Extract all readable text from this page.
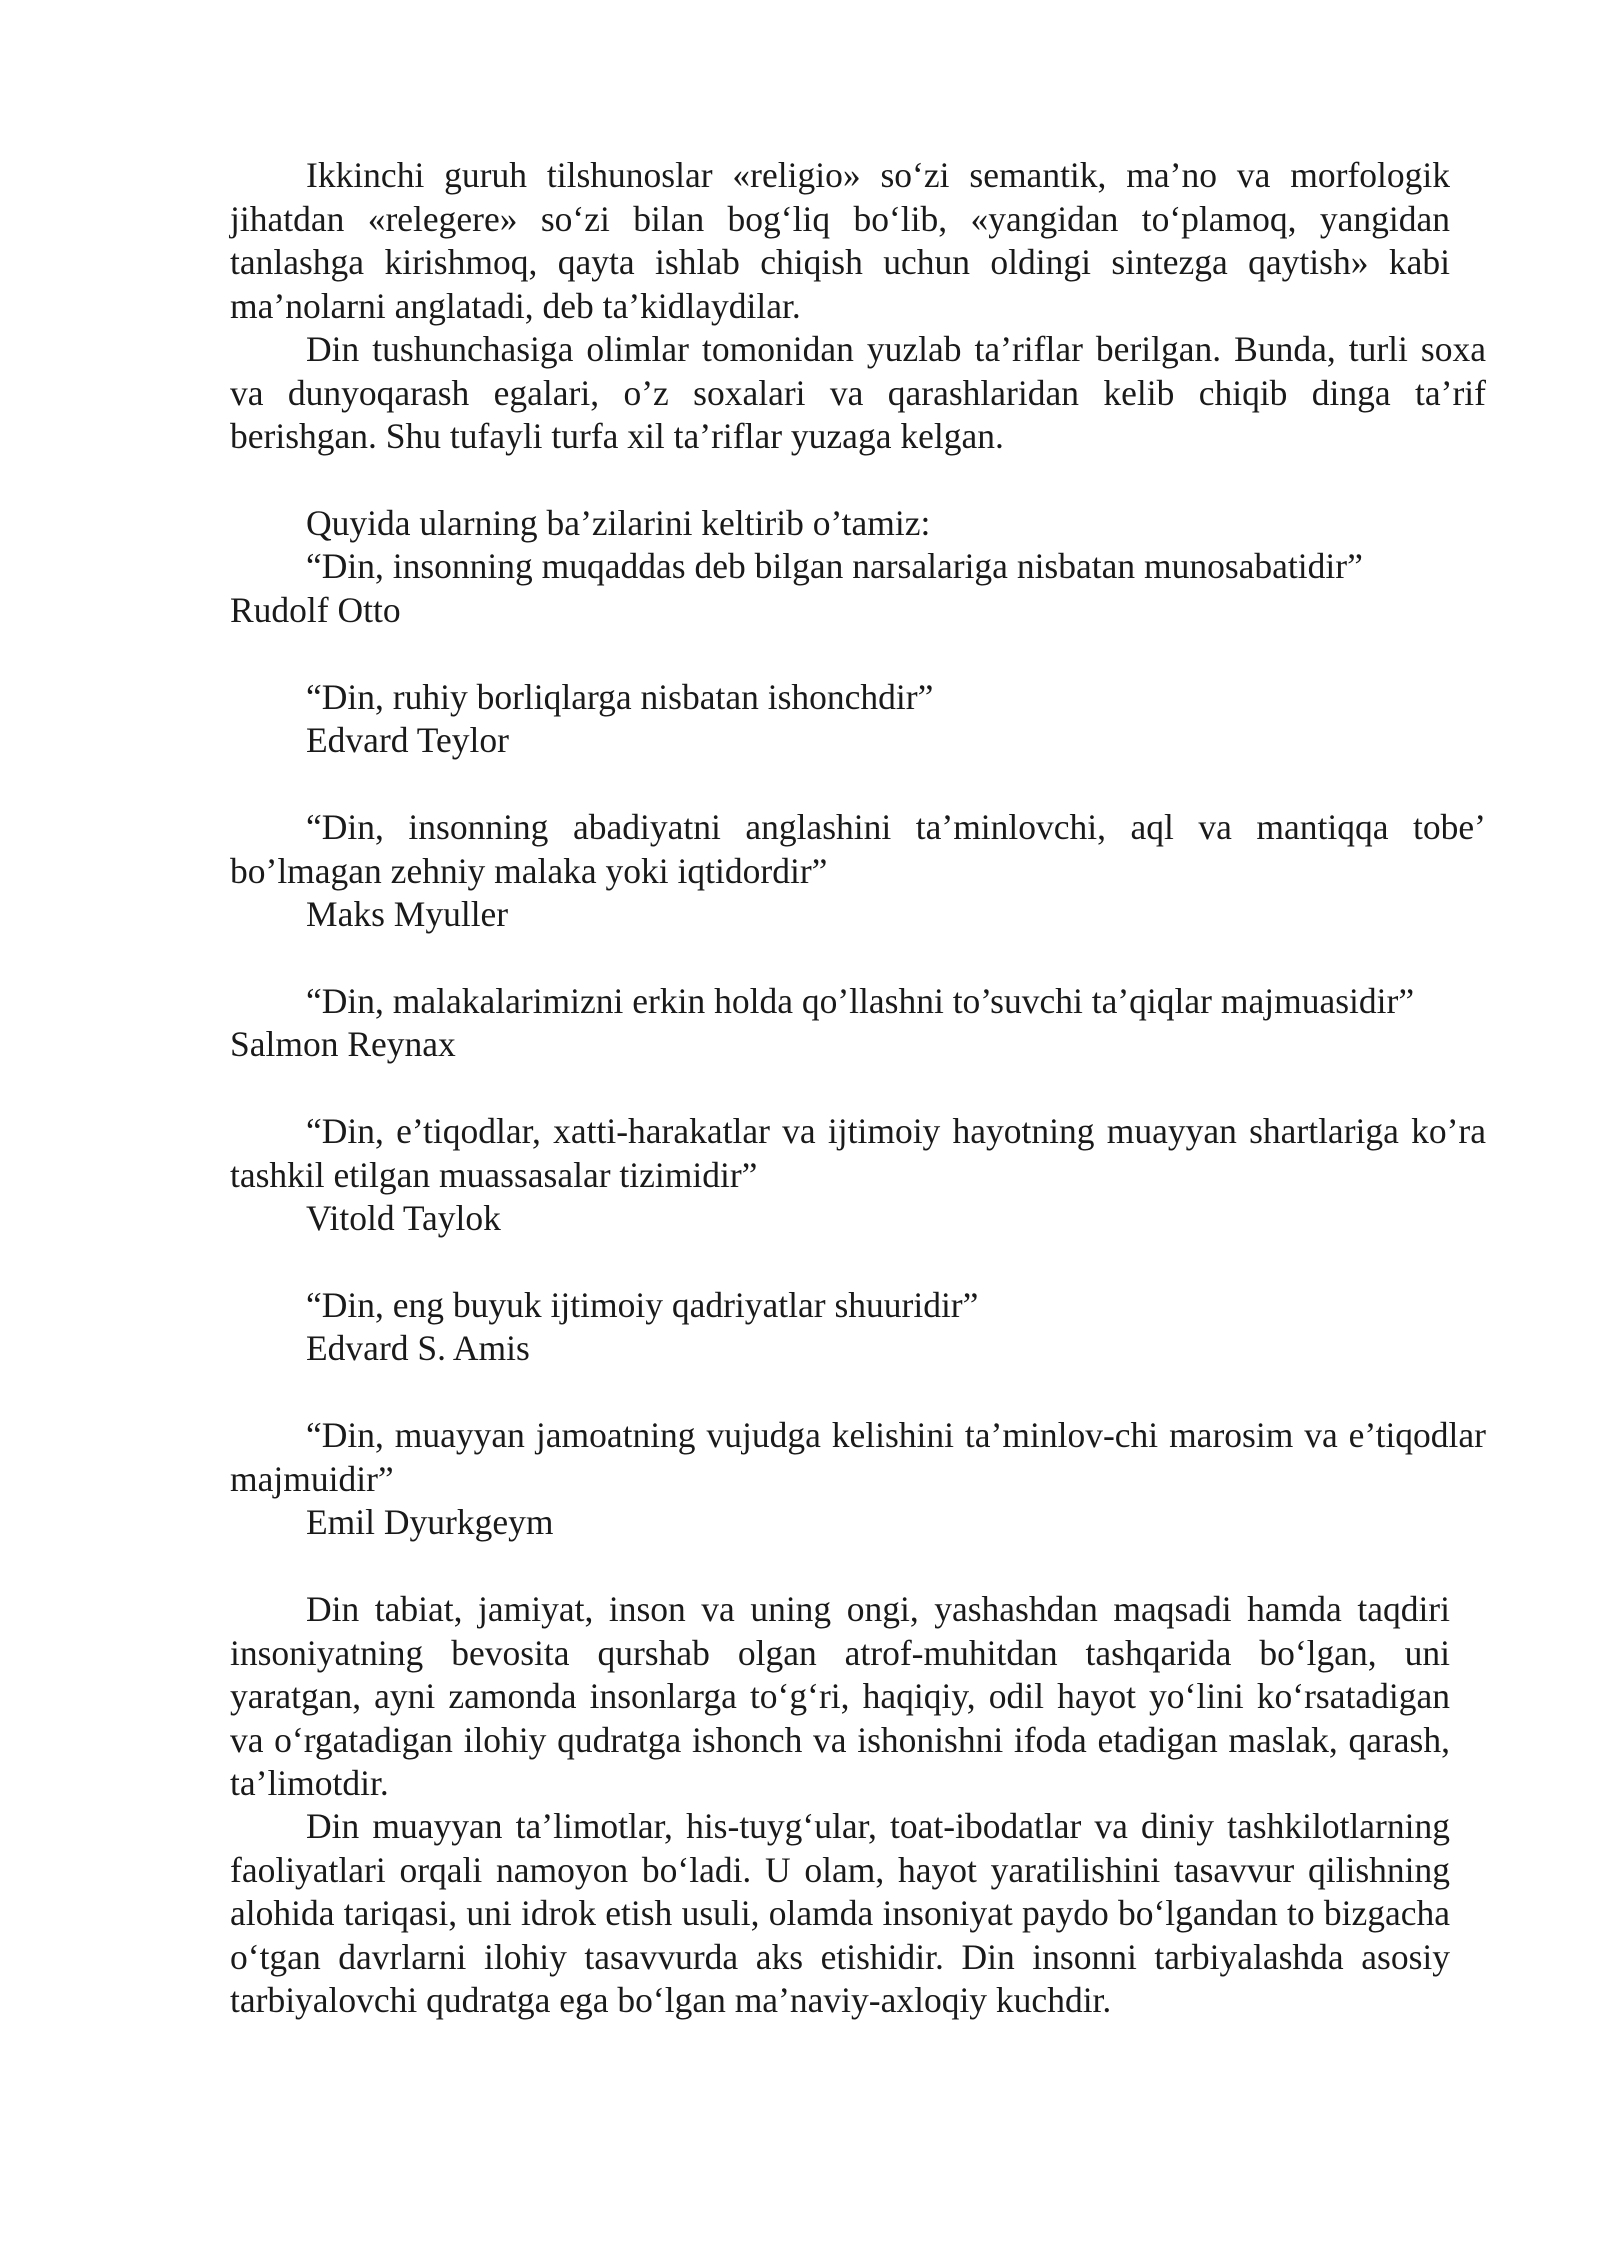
Ikkinchi guruh tilshunoslar «religio» so‘zi semantik, ma’no va morfologik jihatdan «relegere» so‘zi bilan bog‘liq bo‘lib, «yangidan to‘plamoq, yangidan tanlashga kirishmoq, qayta ishlab chiqish uchun oldingi sintezga qaytish» kabi ma’nolarni anglatadi, deb ta’kidlaydilar.

Din tushunchasiga olimlar tomonidan yuzlab ta’riflar berilgan. Bunda, turli soxa va dunyoqarash egalari, o’z soxalari va qarashlaridan kelib chiqib dinga ta’rif berishgan. Shu tufayli turfa xil ta’riflar yuzaga kelgan.

Quyida ularning ba’zilarini keltirib o’tamiz:

“Din, insonning muqaddas deb bilgan narsalariga nisbatan munosabatidir”

Rudolf Otto

“Din, ruhiy borliqlarga nisbatan ishonchdir”

Edvard Teylor

“Din, insonning abadiyatni anglashini ta’minlovchi, aql va mantiqqa tobe’ bo’lmagan zehniy malaka yoki iqtidordir”

Maks Myuller

“Din, malakalarimizni erkin holda qo’llashni to’suvchi ta’qiqlar majmuasidir”

Salmon Reynax

“Din, e’tiqodlar, xatti-harakatlar va ijtimoiy hayotning muayyan shartlariga ko’ra tashkil etilgan muassasalar tizimidir”

Vitold Taylok

“Din, eng buyuk ijtimoiy qadriyatlar shuuridir”

Edvard S. Amis

“Din, muayyan jamoatning vujudga kelishini ta’minlov-chi marosim va e’tiqodlar majmuidir”

Emil Dyurkgeym

Din tabiat, jamiyat, inson va uning ongi, yashashdan maqsadi hamda taqdiri insoniyatning bevosita qurshab olgan atrof-muhitdan tashqarida bo‘lgan, uni yaratgan, ayni zamonda insonlarga to‘g‘ri, haqiqiy, odil hayot yo‘lini ko‘rsatadigan va o‘rgatadigan ilohiy qudratga ishonch va ishonishni ifoda etadigan maslak, qarash, ta’limotdir.

Din muayyan ta’limotlar, his-tuyg‘ular, toat-ibodatlar va diniy tashkilotlarning faoliyatlari orqali namoyon bo‘ladi. U olam, hayot yaratilishini tasavvur qilishning alohida tariqasi, uni idrok etish usuli, olamda insoniyat paydo bo‘lgandan to bizgacha o‘tgan davrlarni ilohiy tasavvurda aks etishidir. Din insonni tarbiyalashda asosiy tarbiyalovchi qudratga ega bo‘lgan ma’naviy-axloqiy kuchdir.
